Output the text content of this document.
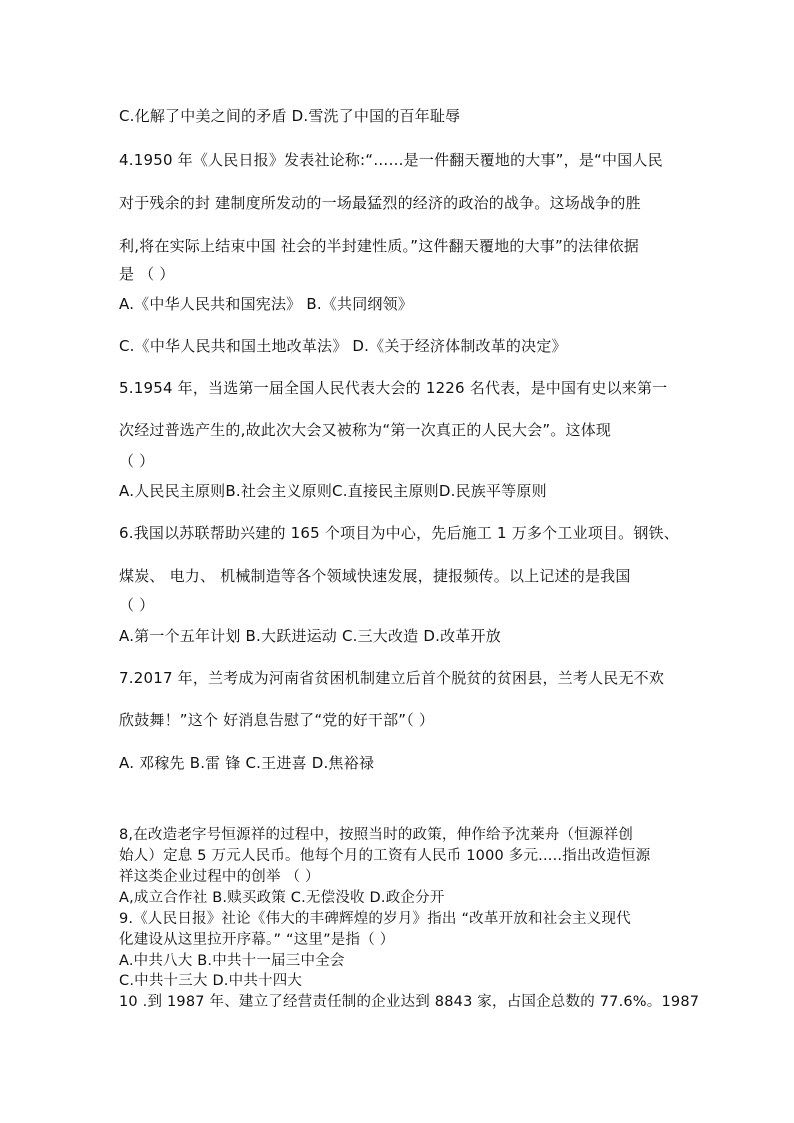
C.化解了中美之间的矛盾 D.雪洗了中国的百年耻辱
4.1950 年《人民日报》发表社论称:“……是一件翻天覆地的大事”，是“中国人民
对于残余的封 建制度所发动的一场最猛烈的经济的政治的战争。这场战争的胜
利,将在实际上结束中国 社会的半封建性质。”这件翻天覆地的大事”的法律依据
是 （ ）
A.《中华人民共和国宪法》 B.《共同纲领》
C.《中华人民共和国土地改革法》 D.《关于经济体制改革的决定》
5.1954 年，当选第一届全国人民代表大会的 1226 名代表，是中国有史以来第一
次经过普选产生的,故此次大会又被称为“第一次真正的人民大会”。这体现
（ ）
A.人民民主原则B.社会主义原则C.直接民主原则D.民族平等原则
6.我国以苏联帮助兴建的 165 个项目为中心，先后施工 1 万多个工业项目。钢铁、
煤炭、 电力、 机械制造等各个领域快速发展，捷报频传。以上记述的是我国
（ ）
A.第一个五年计划 B.大跃进运动 C.三大改造 D.改革开放
7.2017 年，兰考成为河南省贫困机制建立后首个脱贫的贫困县，兰考人民无不欢
欣鼓舞！”这个 好消息告慰了“党的好干部”（ ）
A. 邓稼先 B.雷 锋 C.王进喜 D.焦裕禄
8,在改造老字号恒源祥的过程中，按照当时的政策，伸作给予沈莱舟（恒源祥创
始人）定息 5 万元人民币。他每个月的工资有人民币 1000 多元.....指出改造恒源
祥这类企业过程中的创举 （ ）
A,成立合作社 B.赎买政策 C.无偿没收 D.政企分开
9.《人民日报》社论《伟大的丰碑辉煌的岁月》指出 “改革开放和社会主义现代
化建设从这里拉开序幕。” “这里”是指（ ）
A.中共八大 B.中共十一届三中全会
C.中共十三大 D.中共十四大
10 .到 1987 年、建立了经营责任制的企业达到 8843 家，占国企总数的 77.6%。1987
